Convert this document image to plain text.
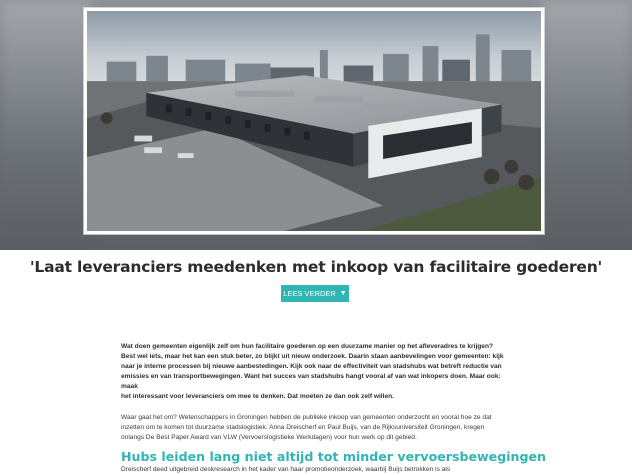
'Laat leveranciers meedenken met inkoop van facilitaire goederen'
LEES VERDER ▼
Wat doen gemeenten eigenlijk zelf om hun facilitaire goederen op een duurzame manier op het afleveradres te krijgen?
Best wel iets, maar het kan een stuk beter, zo blijkt uit nieuw onderzoek. Daarin staan aanbevelingen voor gemeenten: kijk
naar je interne processen bij nieuwe aanbestedingen. Kijk ook naar de effectiviteit van stadshubs wat betreft reductie van
emissies en van transportbewegingen. Want het succes van stadshubs hangt vooral af van wat inkopers doen. Maar ook: maak
het interessant voor leveranciers om mee te denken. Dat moeten ze dan ook zelf willen.
Waar gaat het om? Wetenschappers in Groningen hebben de publieke inkoop van gemeenten onderzocht en vooral hoe ze dat
inzetten om te komen tot duurzame stadslogistiek. Anna Dreischerf en Paul Buijs, van de Rijksuniversiteit Groningen, kregen
onlangs De Best Paper Award van VLW (Vervoerslogistieke Werkdagen) voor hun werk op dit gebied.
Hubs leiden lang niet altijd tot minder vervoersbewegingen
Dreischerf deed uitgebreid deskresearch in het kader van haar promotieonderzoek, waarbij Buijs betrokken is als
